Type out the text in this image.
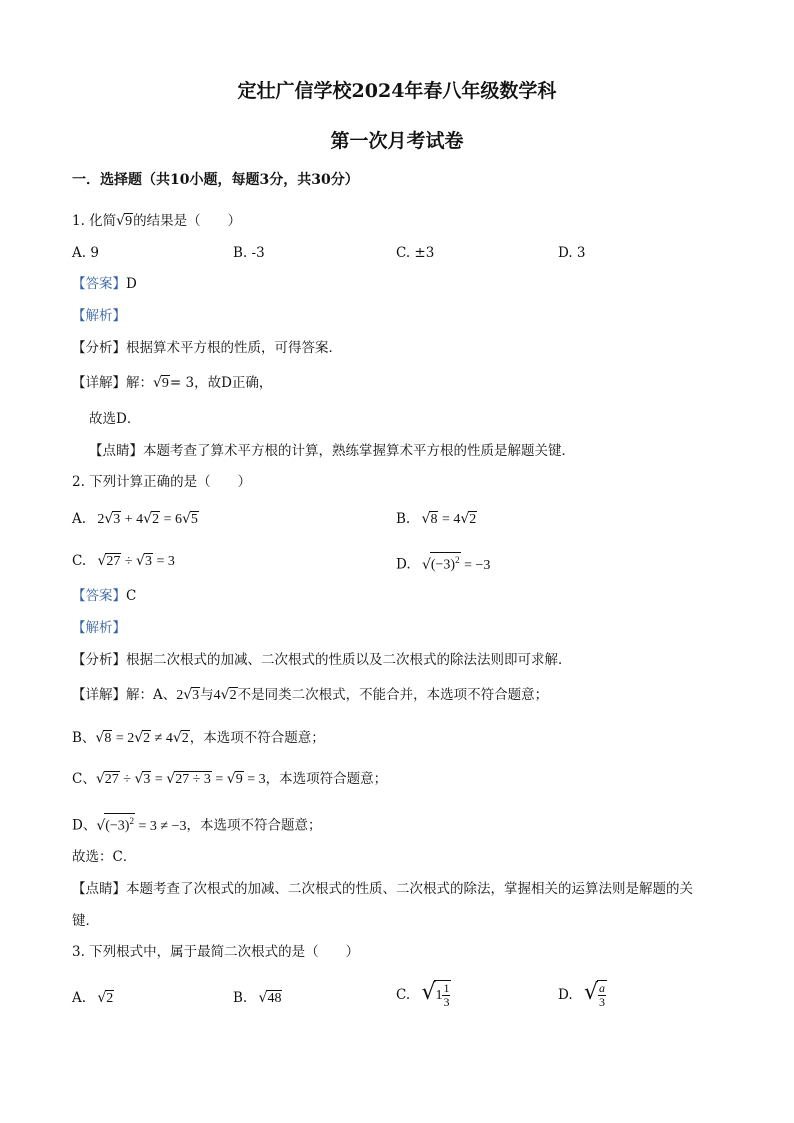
定壮广信学校2024年春八年级数学科
第一次月考试卷
一．选择题（共10小题，每题3分，共30分）
1. 化简√9的结果是（　　）
A. 9	B. -3	C. ±3	D. 3
【答案】D
【解析】
【分析】根据算术平方根的性质，可得答案．
【详解】解：√9= 3，故D正确，
故选D．
【点睛】本题考查了算术平方根的计算，熟练掌握算术平方根的性质是解题关键．
2. 下列计算正确的是（　　）
A.   2√3 + 4√2 = 6√5	B. √8 = 4√2
C. √27 ÷ √3 = 3	D. $√(-3)^2 = -3$
【答案】C
【解析】
【分析】根据二次根式的加减、二次根式的性质以及二次根式的除法法则即可求解．
【详解】解：A、2√3与4√2不是同类二次根式，不能合并，本选项不符合题意；
B、√8 = 2√2 ≠ 4√2，本选项不符合题意；
C、√27 ÷ √3 = √27 ÷ 3 = √9 = 3，本选项符合题意；
D、$√(-3)^2 = 3 \ne -3$，本选项不符合题意；
故选：C．
【点睛】本题考查了次根式的加减、二次根式的性质、二次根式的除法，掌握相关的运算法则是解题的关
键．
3. 下列根式中，属于最简二次根式的是（　　）
A. √2	B. √48	C. $√1 \frac{1}{3}$	D. √ $\frac{a}{3}$
